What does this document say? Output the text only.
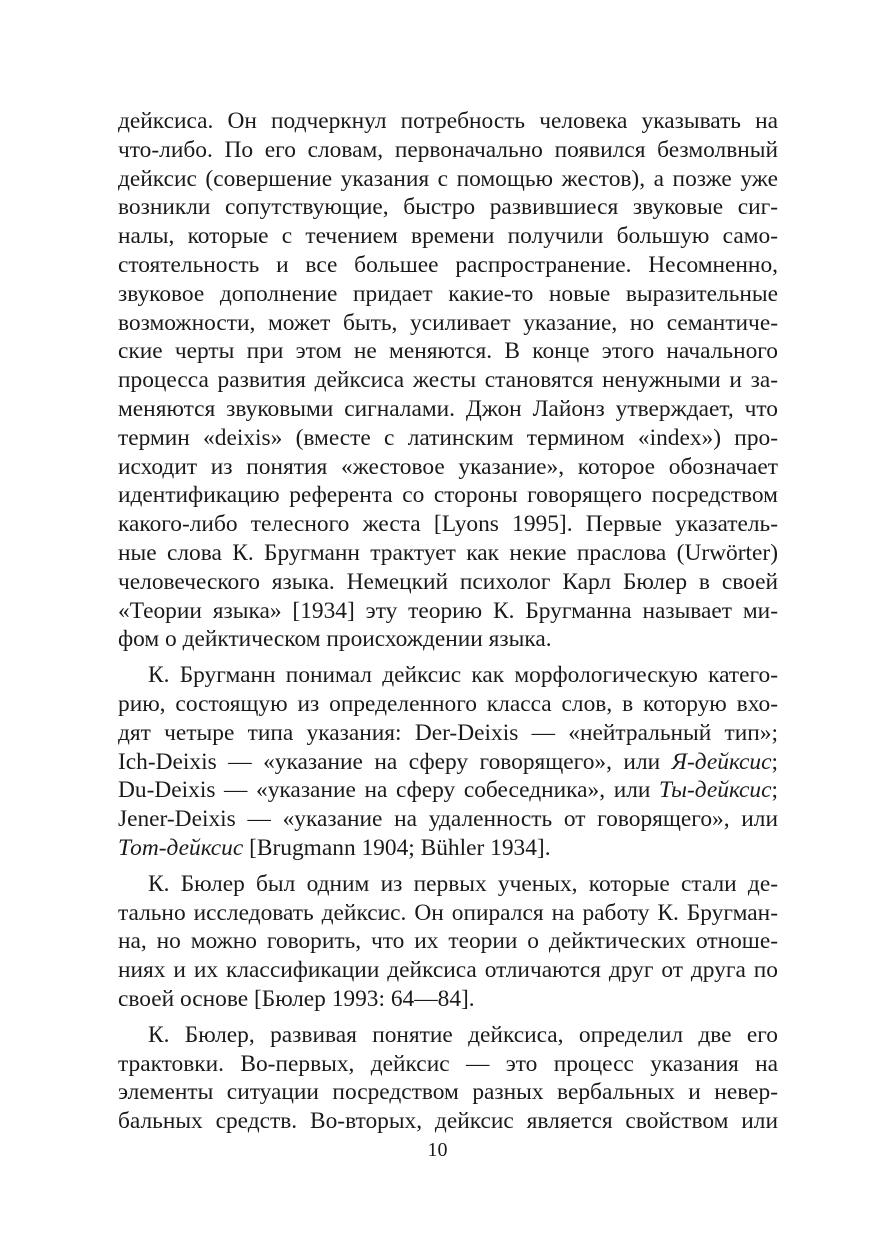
дейксиса. Он подчеркнул потребность человека указывать на
что-либо. По его словам, первоначально появился безмолвный
дейксис (совершение указания с помощью жестов), а позже уже
возникли сопутствующие, быстро развившиеся звуковые сиг-
налы, которые с течением времени получили большую само-
стоятельность и все большее распространение. Несомненно,
звуковое дополнение придает какие-то новые выразительные
возможности, может быть, усиливает указание, но семантиче-
ские черты при этом не меняются. В конце этого начального
процесса развития дейксиса жесты становятся ненужными и за-
меняются звуковыми сигналами. Джон Лайонз утверждает, что
термин «deixis» (вместе с латинским термином «index») про-
исходит из понятия «жестовое указание», которое обозначает
идентификацию референта со стороны говорящего посредством
какого-либо телесного жеста [Lyons 1995]. Первые указатель-
ные слова К. Бругманн трактует как некие праслова (Urwörter)
человеческого языка. Немецкий психолог Карл Бюлер в своей
«Теории языка» [1934] эту теорию К. Бругманна называет ми-
фом о дейктическом происхождении языка.
К. Бругманн понимал дейксис как морфологическую катего-
рию, состоящую из определенного класса слов, в которую вхо-
дят четыре типа указания: Der-Deixis — «нейтральный тип»;
Ich-Deixis — «указание на сферу говорящего», или Я-дейксис;
Du-Deixis — «указание на сферу собеседника», или Ты-дейксис;
Jener-Deixis — «указание на удаленность от говорящего», или
Тот-дейксис [Brugmann 1904; Bühler 1934].
К. Бюлер был одним из первых ученых, которые стали де-
тально исследовать дейксис. Он опирался на работу К. Бругман-
на, но можно говорить, что их теории о дейктических отноше-
ниях и их классификации дейксиса отличаются друг от друга по
своей основе [Бюлер 1993: 64—84].
К. Бюлер, развивая понятие дейксиса, определил две его
трактовки. Во-первых, дейксис — это процесс указания на
элементы ситуации посредством разных вербальных и невер-
бальных средств. Во-вторых, дейксис является свойством или
10
